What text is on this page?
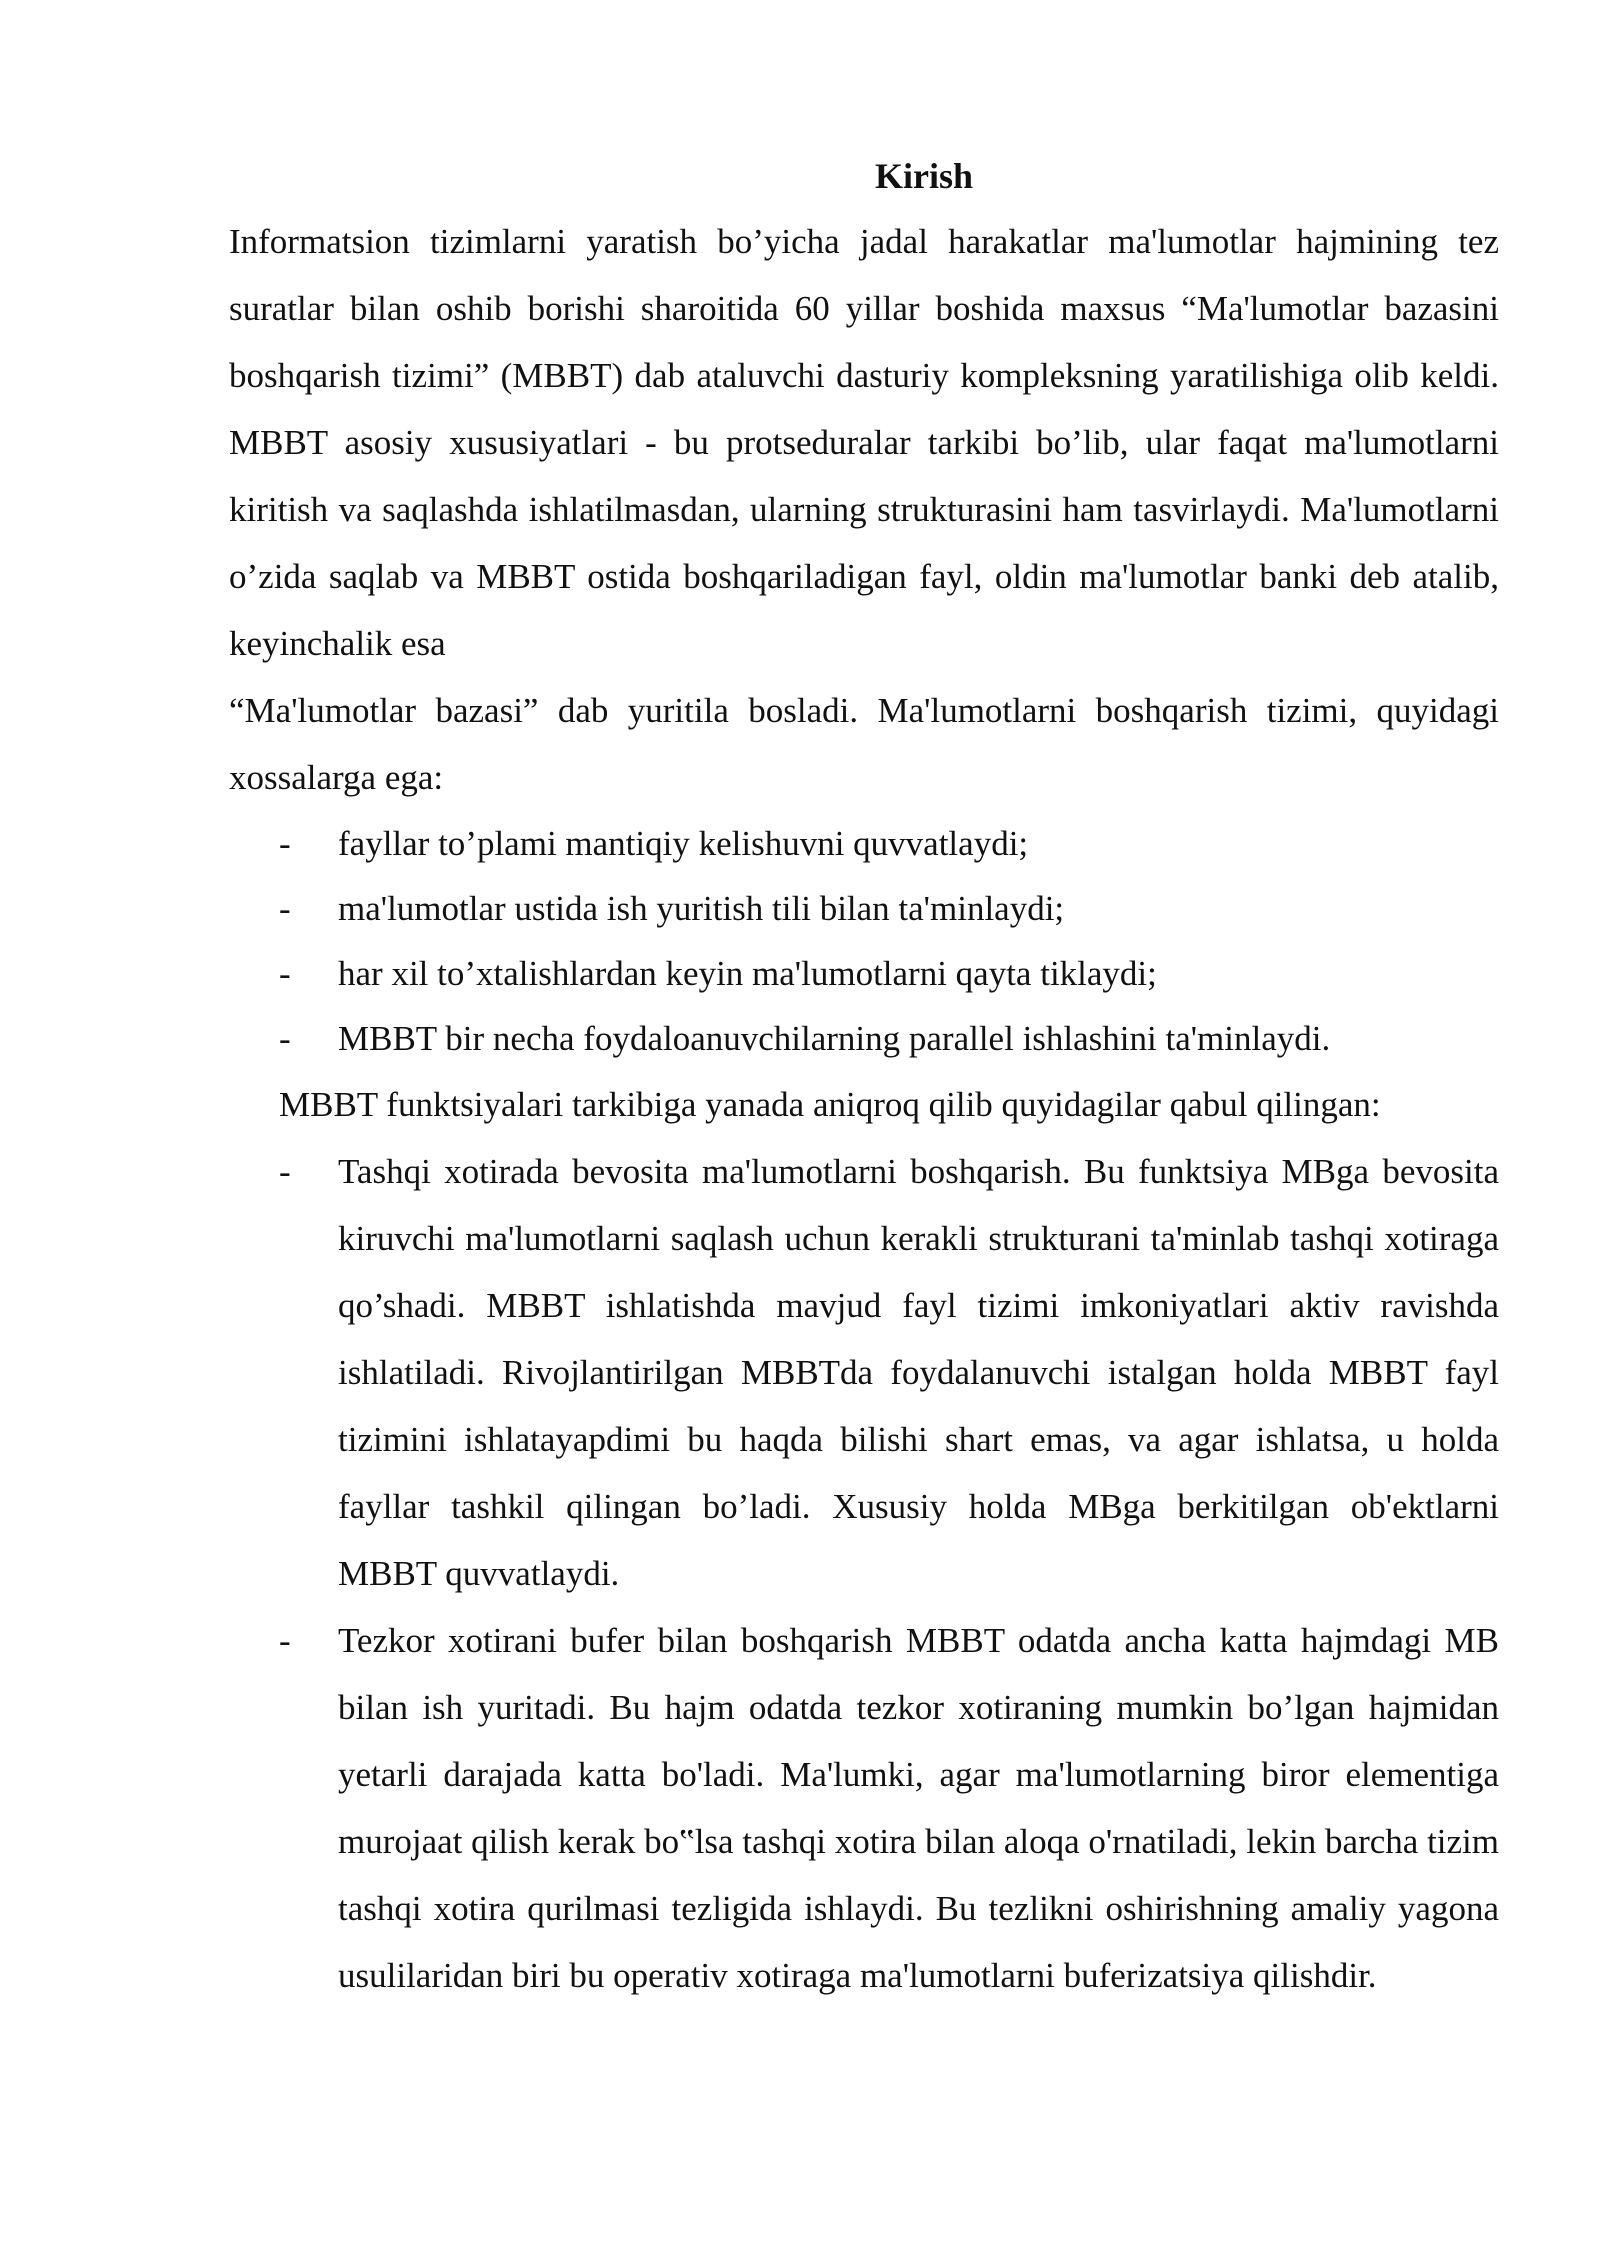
Kirish

Informatsion tizimlarni yaratish bo’yicha jadal harakatlar ma'lumotlar hajmining tez suratlar bilan oshib borishi sharoitida 60 yillar boshida maxsus “Ma'lumotlar bazasini boshqarish tizimi” (MBBT) dab ataluvchi dasturiy kompleksning yaratilishiga olib keldi. MBBT asosiy xususiyatlari - bu protseduralar tarkibi bo’lib, ular faqat ma'lumotlarni kiritish va saqlashda ishlatilmasdan, ularning strukturasini ham tasvirlaydi. Ma'lumotlarni o’zida saqlab va MBBT ostida boshqariladigan fayl, oldin ma'lumotlar banki deb atalib, keyinchalik esa

“Ma'lumotlar bazasi” dab yuritila bosladi. Ma'lumotlarni boshqarish tizimi, quyidagi xossalarga ega:

- fayllar to’plami mantiqiy kelishuvni quvvatlaydi;
- ma'lumotlar ustida ish yuritish tili bilan ta'minlaydi;
- har xil to’xtalishlardan keyin ma'lumotlarni qayta tiklaydi;
- MBBT bir necha foydaloanuvchilarning parallel ishlashini ta'minlaydi.

MBBT funktsiyalari tarkibiga yanada aniqroq qilib quyidagilar qabul qilingan:

- Tashqi xotirada bevosita ma'lumotlarni boshqarish. Bu funktsiya MBga bevosita kiruvchi ma'lumotlarni saqlash uchun kerakli strukturani ta'minlab tashqi xotiraga qo’shadi. MBBT ishlatishda mavjud fayl tizimi imkoniyatlari aktiv ravishda ishlatiladi. Rivojlantirilgan MBBTda foydalanuvchi istalgan holda MBBT fayl tizimini ishlatayapdimi bu haqda bilishi shart emas, va agar ishlatsa, u holda fayllar tashkil qilingan bo’ladi. Xususiy holda MBga berkitilgan ob'ektlarni MBBT quvvatlaydi.
- Tezkor xotirani bufer bilan boshqarish MBBT odatda ancha katta hajmdagi MB bilan ish yuritadi. Bu hajm odatda tezkor xotiraning mumkin bo’lgan hajmidan yetarli darajada katta bo'ladi. Ma'lumki, agar ma'lumotlarning biror elementiga murojaat qilish kerak bo‟lsa tashqi xotira bilan aloqa o'rnatiladi, lekin barcha tizim tashqi xotira qurilmasi tezligida ishlaydi. Bu tezlikni oshirishning amaliy yagona usulilaridan biri bu operativ xotiraga ma'lumotlarni buferizatsiya qilishdir.
